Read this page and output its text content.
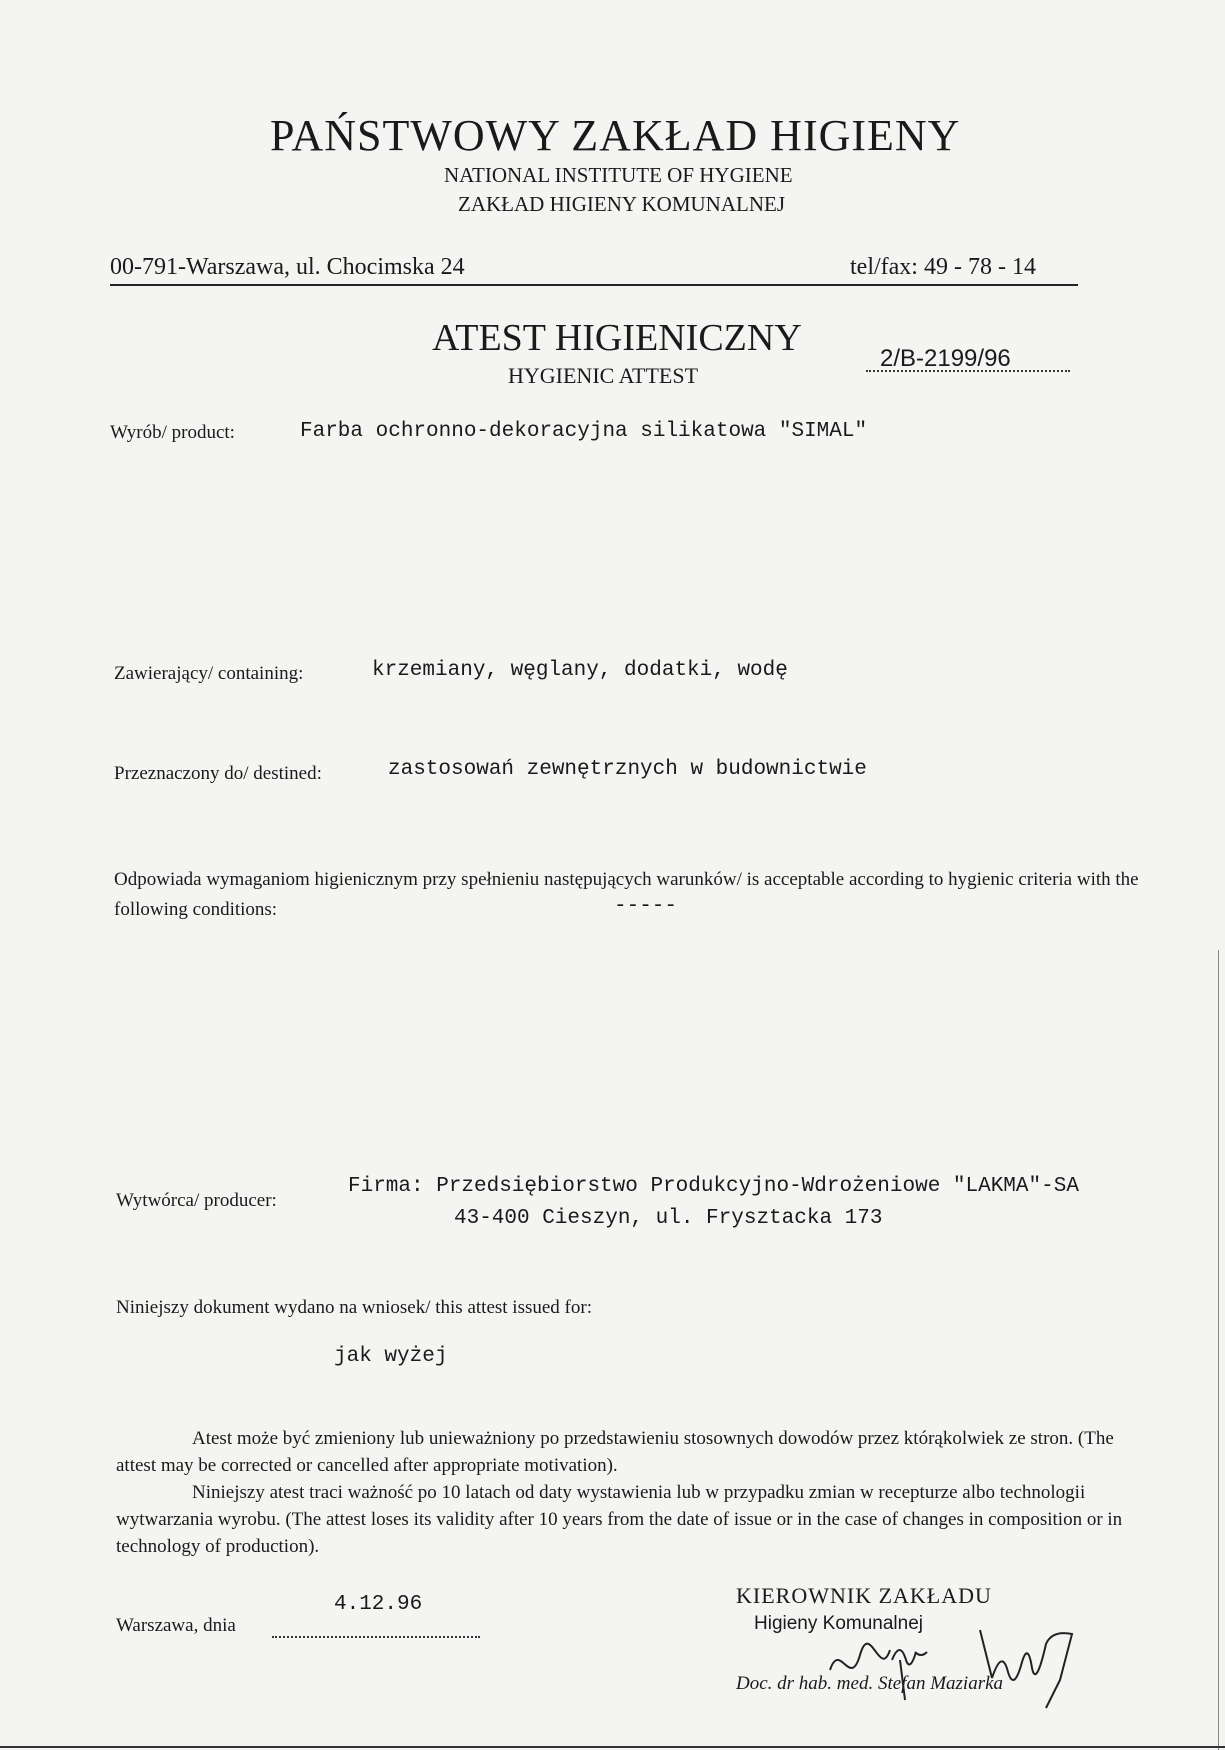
PAŃSTWOWY ZAKŁAD HIGIENY
NATIONAL INSTITUTE OF HYGIENE
ZAKŁAD HIGIENY KOMUNALNEJ
00-791-Warszawa, ul. Chocimska 24	tel/fax: 49 - 78 - 14
ATEST HIGIENICZNY
HYGIENIC ATTEST
2/B-2199/96
Wyrób/ product:	Farba ochronno-dekoracyjna silikatowa "SIMAL"
Zawierający/ containing:	krzemiany, węglany, dodatki, wodę
Przeznaczony do/ destined:	zastosowań zewnętrznych w budownictwie
Odpowiada wymaganiom higienicznym przy spełnieniu następujących warunków/ is acceptable according to hygienic criteria with the following conditions:	-----
Wytwórca/ producer:
Firma: Przedsiębiorstwo Produkcyjno-Wdrożeniowe "LAKMA"-SA
43-400 Cieszyn, ul. Frysztacka 173
Niniejszy dokument wydano na wniosek/ this attest issued for:
jak wyżej

Atest może być zmieniony lub unieważniony po przedstawieniu stosownych dowodów przez którąkolwiek ze stron. (The attest may be corrected or cancelled after appropriate motivation).

Niniejszy atest traci ważność po 10 latach od daty wystawienia lub w przypadku zmian w recepturze albo technologii wytwarzania wyrobu. (The attest loses its validity after 10 years from the date of issue or in the case of changes in composition or in technology of production).

Warszawa, dnia
4.12.96	KIEROWNIK ZAKŁADU
Higieny Komunalnej
Doc. dr hab. med. Stefan Maziarka
